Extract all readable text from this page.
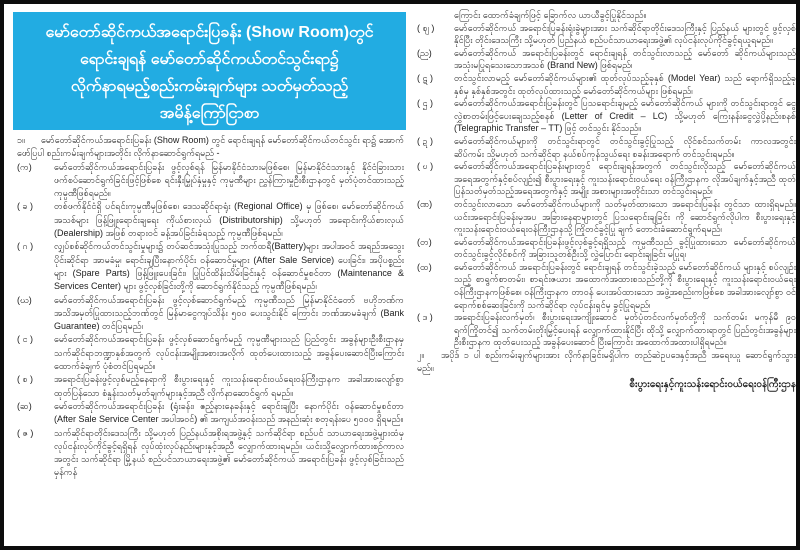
မော်တော်ဆိုင်ကယ်အရောင်းပြခန်း (Show Room)တွင်
ရောင်းချရန် မော်တော်ဆိုင်ကယ်တင်သွင်းရာ၌
လိုက်နာရမည့်စည်းကမ်းချက်များ သတ်မှတ်သည့်
အမိန့်ကြော်ငြာစာ
၁။ မော်တော်ဆိုင်ကယ်အရောင်းပြခန်း (Show Room) တွင် ရောင်းချရန် မော်တော်ဆိုင်ကယ်တင်သွင်း ရာ၌ အောက်ဖော်ပြပါ စည်းကမ်းချက်များအတိုင်း လိုက်နာဆောင်ရွက်ရမည် -
(က)	မော်တော်ဆိုင်ကယ်အရောင်းပြခန်း ဖွင့်လှစ်ရန် မြန်မာနိုင်ငံသားမဖြစ်စေ၊ မြန်မာနိုင်ငံသားနှင့် နိုင်ငံခြားသားဖက်စပ်ဆောင်ရွက်ခြင်းဖြင့်ဖြစ်စေ ရင်းနှီးမြှုပ်နှံမှုနှင့် ကုမ္ပဏီများ ညွှန်ကြားမှုဦးစီးဌာနတွင် မှတ်ပုံတင်ထားသည့် ကုမ္ပဏီဖြစ်ရမည်။
( ခ )	တစ်ဖက်နိုင်ငံရှိ ပင်ရင်းကုမ္ပဏီမှဖြစ်စေ၊ ဒေသဆိုင်ရာရုံး (Regional Office) မှ ဖြစ်စေ၊ မော်တော်ဆိုင်ကယ်အသစ်များ ဖြန့်ဖြူးရောင်းချရေး ကိုယ်စားလှယ် (Distributorship) သို့မဟုတ် အရောင်းကိုယ်စားလှယ် (Dealership) အဖြစ် တရားဝင် ခန့်အပ်ခြင်းခံရသည့် ကုမ္ပဏီဖြစ်ရမည်၊
( ဂ )	လျှပ်စစ်ဆိုင်ကယ်တင်သွင်းမှုများ၌ တပ်ဆင်အသုံးပြုသည့် ဘက်ထရီ(Battery)များ အပါအဝင် အရည်အသွေးပိုင်းဆိုင်ရာ အာမခံမှု၊ ရောင်းချပြီးနောက်ပိုင်း ဝန်ဆောင်မှုများ (After Sale Service) ပေးခြင်း၊ အပိုပစ္စည်းများ (Spare Parts) ဖြန့်ဖြူးပေးခြင်း၊ ပြုပြင်ထိန်းသိမ်းခြင်းနှင့် ဝန်ဆောင်မှုစင်တာ (Maintenance & Services Center) များ ဖွင့်လှစ်ခြင်းတို့ကို ဆောင်ရွက်နိုင်သည့် ကုမ္ပဏီဖြစ်ရမည်၊
(ဃ)	မော်တော်ဆိုင်ကယ်အရောင်းပြခန်း ဖွင့်လှစ်ဆောင်ရွက်မည့် ကုမ္ပဏီသည် မြန်မာနိုင်ငံတော် ဗဟိုဘဏ်က အသိအမှတ်ပြုထားသည့်ဘဏ်တွင် မြန်မာငွေကျပ်သိန်း ၅၀၀ ပေးသွင်းနိုင် ကြောင်း ဘဏ်အာမခံချက် (Bank Guarantee) တင်ပြရမည်၊
( င )	မော်တော်ဆိုင်ကယ်အရောင်းပြခန်း ဖွင့်လှစ်ဆောင်ရွက်မည့် ကုမ္ပဏီများသည် ပြည်တွင်း အခွန်များဦးစီးဌာနမှ သက်ဆိုင်ရာဘဏ္ဍာနှစ်အတွက် လုပ်ငန်းအမျိုးအစားအလိုက် ထုတ်ပေးထားသည့် အခွန်ပေးဆောင်ပြီးကြောင်း ထောက်ခံချက် ပုံစံတင်ပြရမည်။
( စ )	အရောင်းပြခန်းဖွင့်လှစ်မည့်နေရာကို စီးပွားရေးနှင့် ကူးသန်းရောင်းဝယ်ရေးဝန်ကြီးဌာနက အခါအားလျော်စွာထုတ်ပြန်သော စံနှုန်းသတ်မှတ်ချက်များနှင့်အညီ လိုက်နာဆောင်ရွက် ရမည်။
(ဆ)	မော်တော်ဆိုင်ကယ်အရောင်းပြခန်း (ရုံးခန်း၊ ဧည့်နားနေခန်းနှင့် ရောင်းချပြီး နောက်ပိုင်း ဝန်ဆောင်မှုစင်တာ (After Sale Service Center အပါအဝင်) ၏ အကျယ်အဝန်းသည် အနည်းဆုံး စတုရန်းပေ ၅၀၀၀ ရှိရမည်။
( ဇ )	သက်ဆိုင်ရာတိုင်းဒေသကြီး သို့မဟုတ် ပြည်နယ်အစိုးရအဖွဲ့နှင့် သက်ဆိုင်ရာ စည်ပင် သာယာရေးအဖွဲ့များထံမှ လုပ်ငန်းလုပ်ကိုင်ခွင့်ရရှိရန် လုပ်ထုံးလုပ်နည်းများနှင့်အညီ လျှောက်ထားရမည်။ ယင်းသို့လျှောက်ထားစဉ်ကာလအတွင်း သက်ဆိုင်ရာ မြို့နယ် စည်ပင်သာယာရေးအဖွဲ့၏ မော်တော်ဆိုင်ကယ် အရောင်းပြခန်း ဖွင့်လှစ်ခြင်းသည် မှန်ကန်
ကြောင်း ထောက်ခံချက်ဖြင့် ခြောက်လ ယာယီခွင့်ပြုနိုင်သည်။
( ဈ )	မော်တော်ဆိုင်ကယ် အရောင်းပြခန်းရုံးခွဲများအား သက်ဆိုင်ရာတိုင်းဒေသကြီးနှင့် ပြည်နယ် များတွင် ဖွင့်လှစ်နိုင်ပြီး တိုင်းဒေသကြီး သို့မဟုတ် ပြည်နယ် စည်ပင်သာယာရေးအဖွဲ့၏ လုပ်ငန်းလုပ်ကိုင်ခွင့်ရယူရမည်။
(ည)	မော်တော်ဆိုင်ကယ် အရောင်းပြခန်းတွင် ရောင်းချရန် တင်သွင်းလာသည့် မော်တော် ဆိုင်ကယ်များသည် အသုံးမပြုရသေးသောအသစ် (Brand New) ဖြစ်ရမည်၊
( ဋ )	တင်သွင်းလာမည့် မော်တော်ဆိုင်ကယ်များ၏ ထုတ်လုပ်သည့်ခုနှစ် (Model Year) သည် ရောက်ရှိသည့်ခုနှစ်မှ နှစ်နှစ်အတွင်း ထုတ်လုပ်ထားသည့် မော်တော်ဆိုင်ကယ်များ ဖြစ်ရမည်၊
( ဌ )	မော်တော်ဆိုင်ကယ်အရောင်းပြခန်းတွင် ပြသရောင်းချမည့် မော်တော်ဆိုင်ကယ် များကို တင်သွင်းရာတွင် ငွေလွှဲစာတမ်းဖြင့်ပေးချေသည့်စနစ် (Letter of Credit – LC) သို့မဟုတ် ကြေးနန်းငွေလွှဲပို့နည်းစနစ် (Telegraphic Transfer – TT) ဖြင့် တင်သွင်း နိုင်သည်။
( ဍ )	မော်တော်ဆိုင်ကယ်များကို တင်သွင်းရာတွင် တင်သွင်းခွင့်ပြုသည့် လိုင်စင်သက်တမ်း ကာလအတွင်း ဆိပ်ကမ်း သို့မဟုတ် သက်ဆိုင်ရာ နယ်စပ်ကုန်သွယ်ရေး စခန်းအရောက် တင်သွင်းရမည်။
( ဎ )	မော်တော်ဆိုင်ကယ်အရောင်းပြခန်းများတွင် ရောင်းချရန်အတွက် တင်သွင်းလိုသည့် မော်တော်ဆိုင်ကယ် အရေအတွက်နှင့်စပ်လျဉ်း၍ စီးပွားရေးနှင့် ကူးသန်းရောင်းဝယ်ရေး ဝန်ကြီးဌာနက လိုအပ်ချက်နှင့်အညီ ထုတ်ပြန်သတ်မှတ်သည့်အရေအတွက်နှင့် အမျိုး အစားများအတိုင်းသာ တင်သွင်းရမည်၊
(ဏ)	တင်သွင်းလာသော မော်တော်ဆိုင်ကယ်များကို သတ်မှတ်ထားသော အရောင်းပြခန်း တွင်သာ ထားရှိရမည်။ ယင်းအရောင်းပြခန်းမှအပ အခြားနေရာများတွင် ပြသရောင်းချခြင်း ကို ဆောင်ရွက်လိုပါက စီးပွားရေးနှင့် ကူးသန်းရောင်းဝယ်ရေးဝန်ကြီးဌာနသို့ ကြိုတင်ခွင့်ပြု ချက် တောင်းခံဆောင်ရွက်ရမည်၊
(တ)	မော်တော်ဆိုင်ကယ်အရောင်းပြခန်းဖွင့်လှစ်ခွင့်ရရှိသည့် ကုမ္ပဏီသည် ခွင့်ပြုထားသော မော်တော်ဆိုင်ကယ် တင်သွင်းခွင့်လိုင်စင်ကို အခြားသူတစ်ဦးသို့ လွှဲပြောင်း ရောင်းချခြင်း မပြုရ၊
(ထ)	မော်တော်ဆိုင်ကယ် အရောင်းပြခန်းတွင် ရောင်းချရန် တင်သွင်းခဲ့သည့် မော်တော်ဆိုင်ကယ် များနှင့် စပ်လျဉ်းသည့် စာရွက်စာတမ်း၊ စာရင်းဇယား အထောက်အထားစသည်တို့ကို စီးပွားရေးနှင့် ကူးသန်းရောင်းဝယ်ရေးဝန်ကြီးဌာနကဖြစ်စေ၊ ဝန်ကြီးဌာနက တာဝန် ပေးအပ်ထားသော အဖွဲ့အစည်းကဖြစ်စေ အခါအားလျော်စွာ ဝင်ရောက်စစ်ဆေးခြင်းကို သက်ဆိုင်ရာ လုပ်ငန်းရှင်မှ ခွင့်ပြုရမည်၊
( ဒ )	အရောင်းပြခန်းလက်မှတ်၊ စီးပွားရေးအကျိုးဆောင် မှတ်ပုံတင်လက်မှတ်တို့ကို သက်တမ်း မကုန်မီ ၉၀ ရက်ကြိုတင်၍ သက်တမ်းတိုးမြှင့်ပေးရန် လျှောက်ထားနိုင်ပြီး ထိုသို့ လျှောက်ထားရာတွင် ပြည်တွင်းအခွန်များဦးစီးဌာနက ထုတ်ပေးသည့် အခွန်ပေးဆောင် ပြီးကြောင်း အထောက်အထားပါရှိရမည်။
၂။ အပိုဒ် ၁ ပါ စည်းကမ်းချက်များအား လိုက်နာခြင်းမရှိပါက တည်ဆဲဥပဒေနှင့်အညီ အရေးယူ ဆောင်ရွက်သွားမည်။
စီးပွားရေးနှင့်ကူးသန်းရောင်းဝယ်ရေးဝန်ကြီးဌာန
